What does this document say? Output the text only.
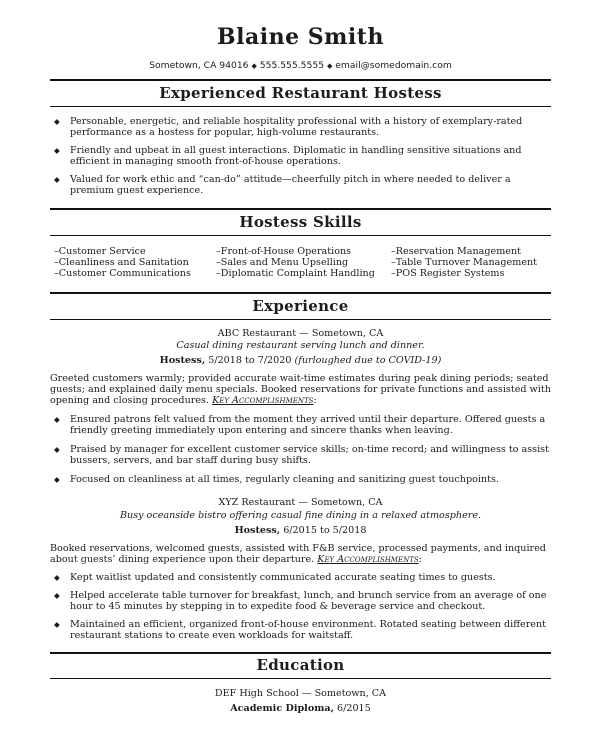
Blaine Smith
Sometown, CA 94016 ◆ 555.555.5555 ◆ email@somedomain.com
Experienced Restaurant Hostess
◆ Personable, energetic, and reliable hospitality professional with a history of exemplary-rated performance as a hostess for popular, high-volume restaurants.
◆ Friendly and upbeat in all guest interactions. Diplomatic in handling sensitive situations and efficient in managing smooth front-of-house operations.
◆ Valued for work ethic and “can-do” attitude—cheerfully pitch in where needed to deliver a premium guest experience.
Hostess Skills
– Customer Service
– Cleanliness and Sanitation
– Customer Communications
– Front-of-House Operations
– Sales and Menu Upselling
– Diplomatic Complaint Handling
– Reservation Management
– Table Turnover Management
– POS Register Systems
Experience
ABC Restaurant — Sometown, CA
Casual dining restaurant serving lunch and dinner.
Hostess, 5/2018 to 7/2020 (furloughed due to COVID-19)
Greeted customers warmly; provided accurate wait-time estimates during peak dining periods; seated guests; and explained daily menu specials. Booked reservations for private functions and assisted with opening and closing procedures. Key Accomplishments:
◆ Ensured patrons felt valued from the moment they arrived until their departure. Offered guests a friendly greeting immediately upon entering and sincere thanks when leaving.
◆ Praised by manager for excellent customer service skills; on-time record; and willingness to assist bussers, servers, and bar staff during busy shifts.
◆ Focused on cleanliness at all times, regularly cleaning and sanitizing guest touchpoints.
XYZ Restaurant — Sometown, CA
Busy oceanside bistro offering casual fine dining in a relaxed atmosphere.
Hostess, 6/2015 to 5/2018
Booked reservations, welcomed guests, assisted with F&B service, processed payments, and inquired about guests’ dining experience upon their departure. Key Accomplishments:
◆ Kept waitlist updated and consistently communicated accurate seating times to guests.
◆ Helped accelerate table turnover for breakfast, lunch, and brunch service from an average of one hour to 45 minutes by stepping in to expedite food & beverage service and checkout.
◆ Maintained an efficient, organized front-of-house environment. Rotated seating between different restaurant stations to create even workloads for waitstaff.
Education
DEF High School — Sometown, CA
Academic Diploma, 6/2015
